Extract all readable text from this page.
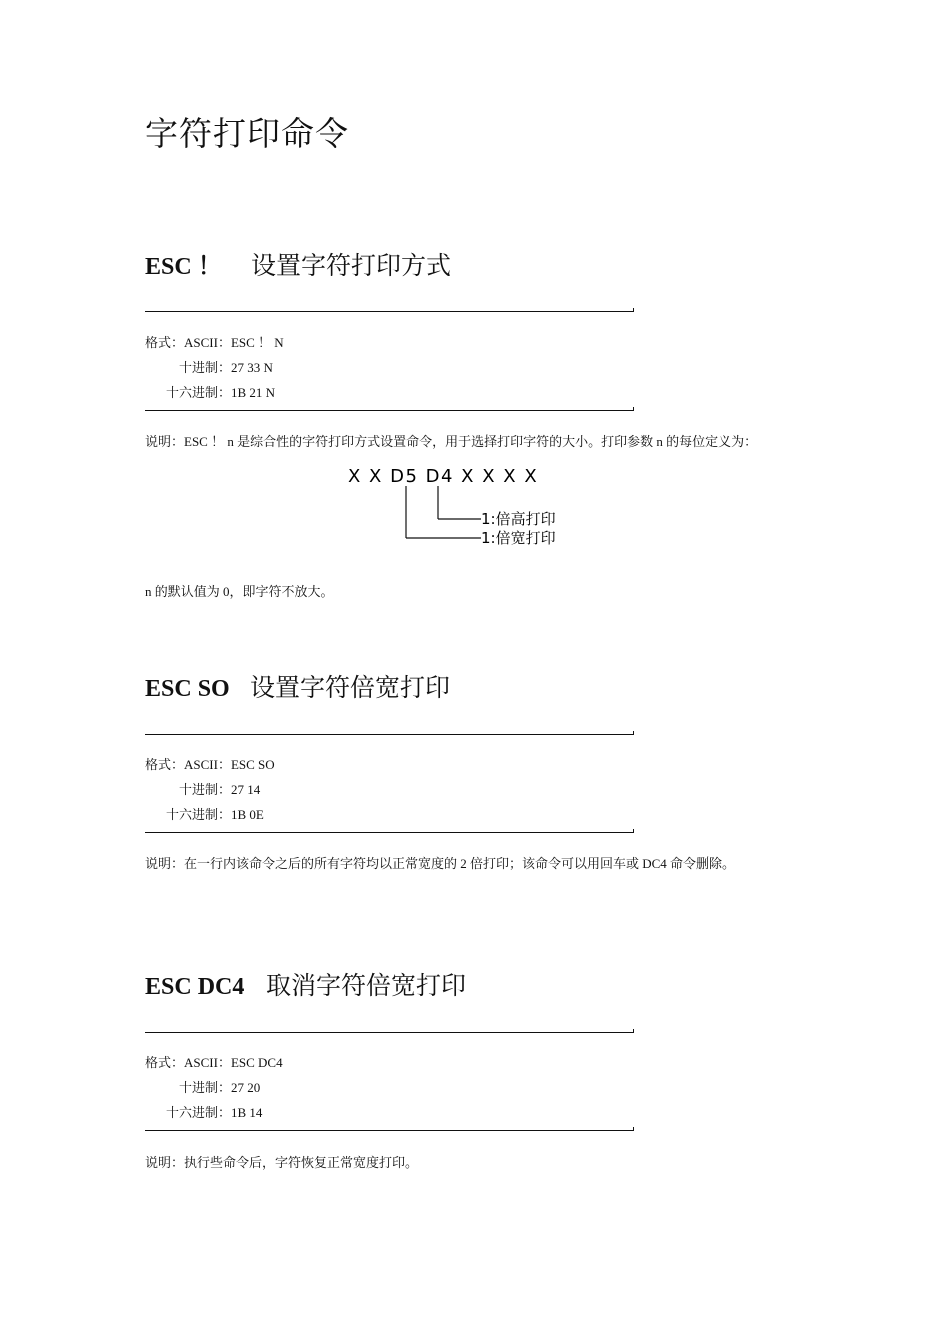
字符打印命令
ESC ！ 设置字符打印方式
格式：ASCII：ESC ！ N
十进制：27 33 N
十六进制：1B 21 N
说明：ESC ！ n 是综合性的字符打印方式设置命令，用于选择打印字符的大小。打印参数 n 的每位定义为：
X X D5 D4 X X X X
1:倍高打印
1:倍宽打印
n 的默认值为 0，即字符不放大。
ESC SO 设置字符倍宽打印
格式：ASCII：ESC SO
十进制：27 14
十六进制：1B 0E
说明：在一行内该命令之后的所有字符均以正常宽度的 2 倍打印；该命令可以用回车或 DC4 命令删除。
ESC DC4 取消字符倍宽打印
格式：ASCII：ESC DC4
十进制：27 20
十六进制：1B 14
说明：执行些命令后，字符恢复正常宽度打印。
